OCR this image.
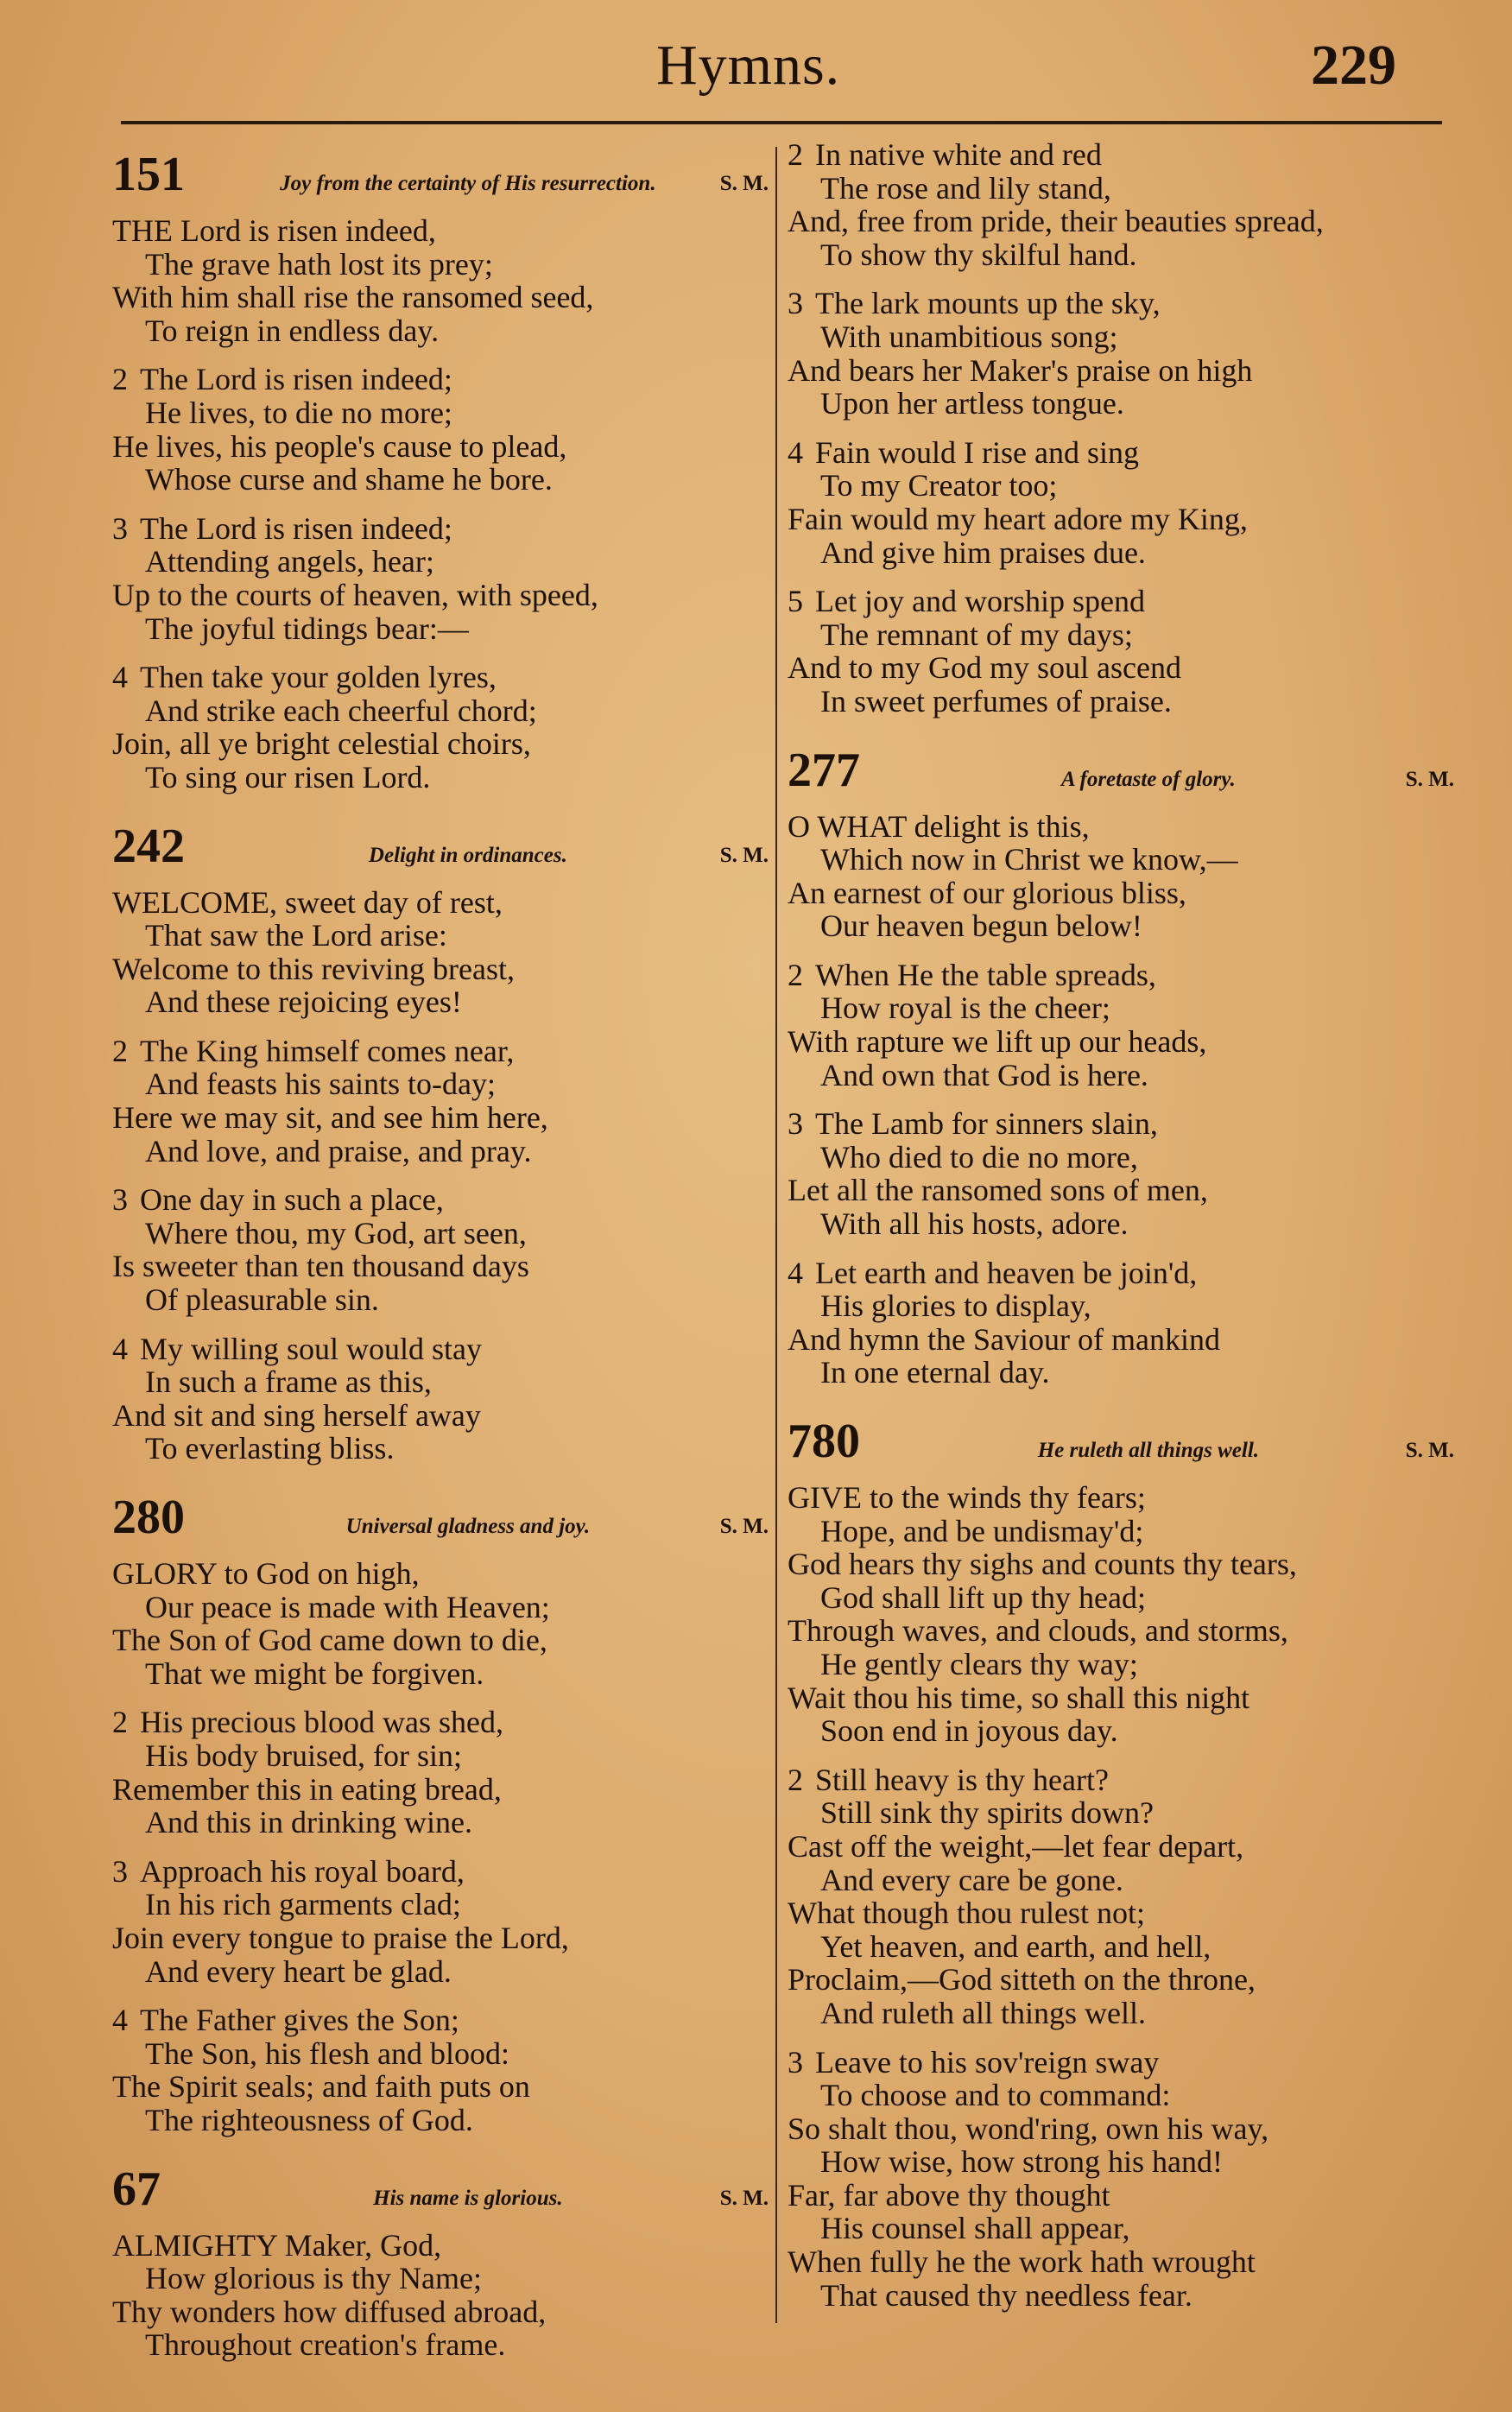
Hymns.	229
151	Joy from the certainty of His resurrection.	S. M.
THE Lord is risen indeed,
The grave hath lost its prey;
With him shall rise the ransomed seed,
To reign in endless day.
2 The Lord is risen indeed;
He lives, to die no more;
He lives, his people's cause to plead,
Whose curse and shame he bore.
3 The Lord is risen indeed;
Attending angels, hear;
Up to the courts of heaven, with speed,
The joyful tidings bear:—
4 Then take your golden lyres,
And strike each cheerful chord;
Join, all ye bright celestial choirs,
To sing our risen Lord.
242	Delight in ordinances.	S. M.
WELCOME, sweet day of rest,
That saw the Lord arise:
Welcome to this reviving breast,
And these rejoicing eyes!
2 The King himself comes near,
And feasts his saints to-day;
Here we may sit, and see him here,
And love, and praise, and pray.
3 One day in such a place,
Where thou, my God, art seen,
Is sweeter than ten thousand days
Of pleasurable sin.
4 My willing soul would stay
In such a frame as this,
And sit and sing herself away
To everlasting bliss.
280	Universal gladness and joy.	S. M.
GLORY to God on high,
Our peace is made with Heaven;
The Son of God came down to die,
That we might be forgiven.
2 His precious blood was shed,
His body bruised, for sin;
Remember this in eating bread,
And this in drinking wine.
3 Approach his royal board,
In his rich garments clad;
Join every tongue to praise the Lord,
And every heart be glad.
4 The Father gives the Son;
The Son, his flesh and blood:
The Spirit seals; and faith puts on
The righteousness of God.
67	His name is glorious.	S. M.
ALMIGHTY Maker, God,
How glorious is thy Name;
Thy wonders how diffused abroad,
Throughout creation's frame.
2 In native white and red
The rose and lily stand,
And, free from pride, their beauties spread,
To show thy skilful hand.
3 The lark mounts up the sky,
With unambitious song;
And bears her Maker's praise on high
Upon her artless tongue.
4 Fain would I rise and sing
To my Creator too;
Fain would my heart adore my King,
And give him praises due.
5 Let joy and worship spend
The remnant of my days;
And to my God my soul ascend
In sweet perfumes of praise.
277	A foretaste of glory.	S. M.
O WHAT delight is this,
Which now in Christ we know,—
An earnest of our glorious bliss,
Our heaven begun below!
2 When He the table spreads,
How royal is the cheer;
With rapture we lift up our heads,
And own that God is here.
3 The Lamb for sinners slain,
Who died to die no more,
Let all the ransomed sons of men,
With all his hosts, adore.
4 Let earth and heaven be join'd,
His glories to display,
And hymn the Saviour of mankind
In one eternal day.
780	He ruleth all things well.	S. M.
GIVE to the winds thy fears;
Hope, and be undismay'd;
God hears thy sighs and counts thy tears,
God shall lift up thy head;
Through waves, and clouds, and storms,
He gently clears thy way;
Wait thou his time, so shall this night
Soon end in joyous day.
2 Still heavy is thy heart?
Still sink thy spirits down?
Cast off the weight,—let fear depart,
And every care be gone.
What though thou rulest not;
Yet heaven, and earth, and hell,
Proclaim,—God sitteth on the throne,
And ruleth all things well.
3 Leave to his sov'reign sway
To choose and to command:
So shalt thou, wond'ring, own his way,
How wise, how strong his hand!
Far, far above thy thought
His counsel shall appear,
When fully he the work hath wrought
That caused thy needless fear.
